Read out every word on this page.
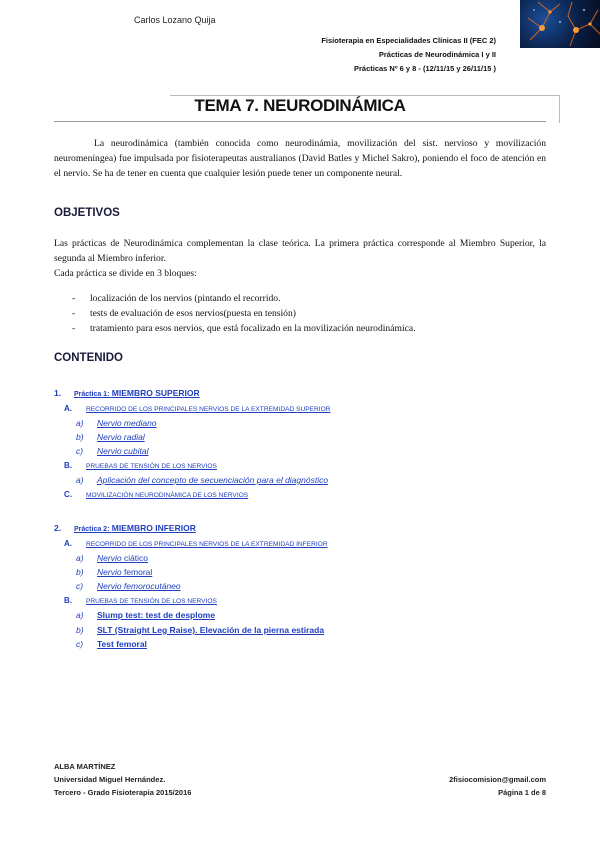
Carlos Lozano Quija
Fisioterapia en Especialidades Clínicas II (FEC 2)
Prácticas de Neurodinámica I y II
Prácticas Nº 6 y 8 - (12/11/15 y 26/11/15 )
TEMA 7. NEURODINÁMICA
La neurodinámica (también conocida como neurodinámia, movilización del sist. nervioso y movilización neuromeníngea) fue impulsada por fisioterapeutas australianos (David Batles y Michel Sakro), poniendo el foco de atención en el nervio. Se ha de tener en cuenta que cualquier lesión puede tener un componente neural.
OBJETIVOS
Las prácticas de Neurodinámica complementan la clase teórica. La primera práctica corresponde al Miembro Superior, la segunda al Miembro inferior.
Cada práctica se divide en 3 bloques:
-	localización de los nervios (pintando el recorrido.
-	tests de evaluación de esos nervios(puesta en tensión)
-	tratamiento para esos nervios, que está focalizado en la movilización neurodinámica.
CONTENIDO
1. Práctica 1: MIEMBRO SUPERIOR
A. RECORRIDO DE LOS PRINCIPALES NERVIOS DE LA EXTREMIDAD SUPERIOR
a) Nervio mediano
b) Nervio radial
c) Nervio cubital
B. PRUEBAS DE TENSIÓN DE LOS NERVIOS
a) Aplicación del concepto de secuenciación para el diagnóstico
C. MOVILIZACIÓN NEURODINÁMICA DE LOS NERVIOS
2. Práctica 2: MIEMBRO INFERIOR
A. RECORRIDO DE LOS PRINCIPALES NERVIOS DE LA EXTREMIDAD INFERIOR
a) Nervio ciático
b) Nervio femoral
c) Nervio femorocutáneo
B. PRUEBAS DE TENSIÓN DE LOS NERVIOS
a) Slump test: test de desplome
b) SLT (Straight Leg Raise). Elevación de la pierna estirada
c) Test femoral
ALBA MARTÍNEZ
Universidad Miguel Hernández.
Tercero - Grado Fisioterapia 2015/2016
2fisiocomision@gmail.com
Página 1 de 8
